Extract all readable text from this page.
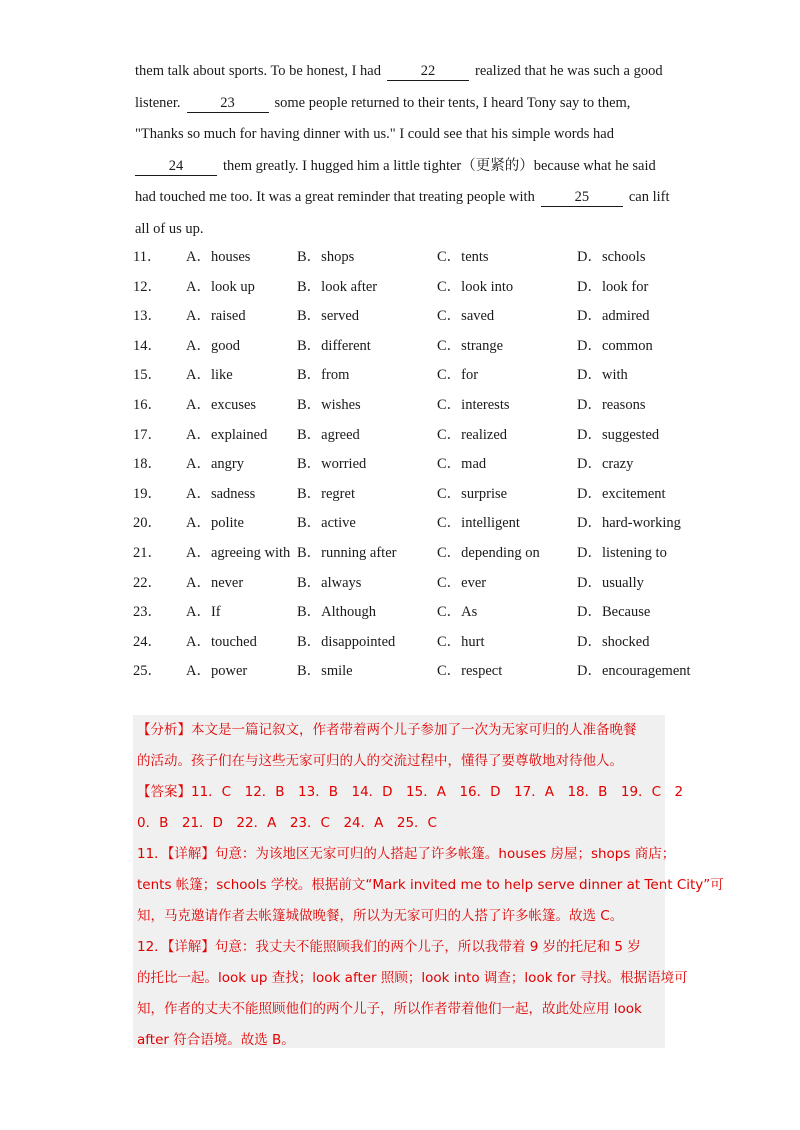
them talk about sports. To be honest, I had	22	realized that he was such a good
listener.	23	some people returned to their tents, I heard Tony say to them,
"Thanks so much for having dinner with us." I could see that his simple words had
24	them greatly. I hugged him a little tighter（更紧的）because what he said
had touched me too. It was a great reminder that treating people with	25	can lift
all of us up.
11． A．houses	B．shops	C．tents	D．schools
12． A．look up	B．look after	C．look into	D．look for
13． A．raised	B．served	C．saved	D．admired
14． A．good	B．different	C．strange	D．common
15． A．like	B．from	C．for	D．with
16． A．excuses	B．wishes	C．interests	D．reasons
17． A．explained B．agreed	C．realized	D．suggested
18． A．angry	B．worried	C．mad	D．crazy
19． A．sadness	B．regret	C．surprise	D．excitement
20． A．polite	B．active	C．intelligent	D．hard-working
21． A．agreeing with B．running after	C．depending on	D．listening to
22． A．never	B．always	C．ever	D．usually
23． A．If	B．Although	C．As	D．Because
24． A．touched	B．disappointed	C．hurt	D．shocked
25． A．power	B．smile	C．respect	D．encouragement
【分析】本文是一篇记叙文，作者带着两个儿子参加了一次为无家可归的人准备晚餐
的活动。孩子们在与这些无家可归的人的交流过程中，懂得了要尊敬地对待他人。
【答案】11．C　12．B　13．B　14．D　15．A　16．D　17．A　18．B　19．C　2
0．B　21．D　22．A　23．C　24．A　25．C
11．【详解】句意：为该地区无家可归的人搭起了许多帐篷。houses 房屋；shops 商店；
tents 帐篷；schools 学校。根据前文“Mark invited me to help serve dinner at Tent City”可
知，马克邀请作者去帐篷城做晚餐，所以为无家可归的人搭了许多帐篷。故选 C。
12．【详解】句意：我丈夫不能照顾我们的两个儿子，所以我带着 9 岁的托尼和 5 岁
的托比一起。look up 查找；look after 照顾；look into 调查；look for 寻找。根据语境可
知，作者的丈夫不能照顾他们的两个儿子，所以作者带着他们一起，故此处应用 look
after 符合语境。故选 B。
